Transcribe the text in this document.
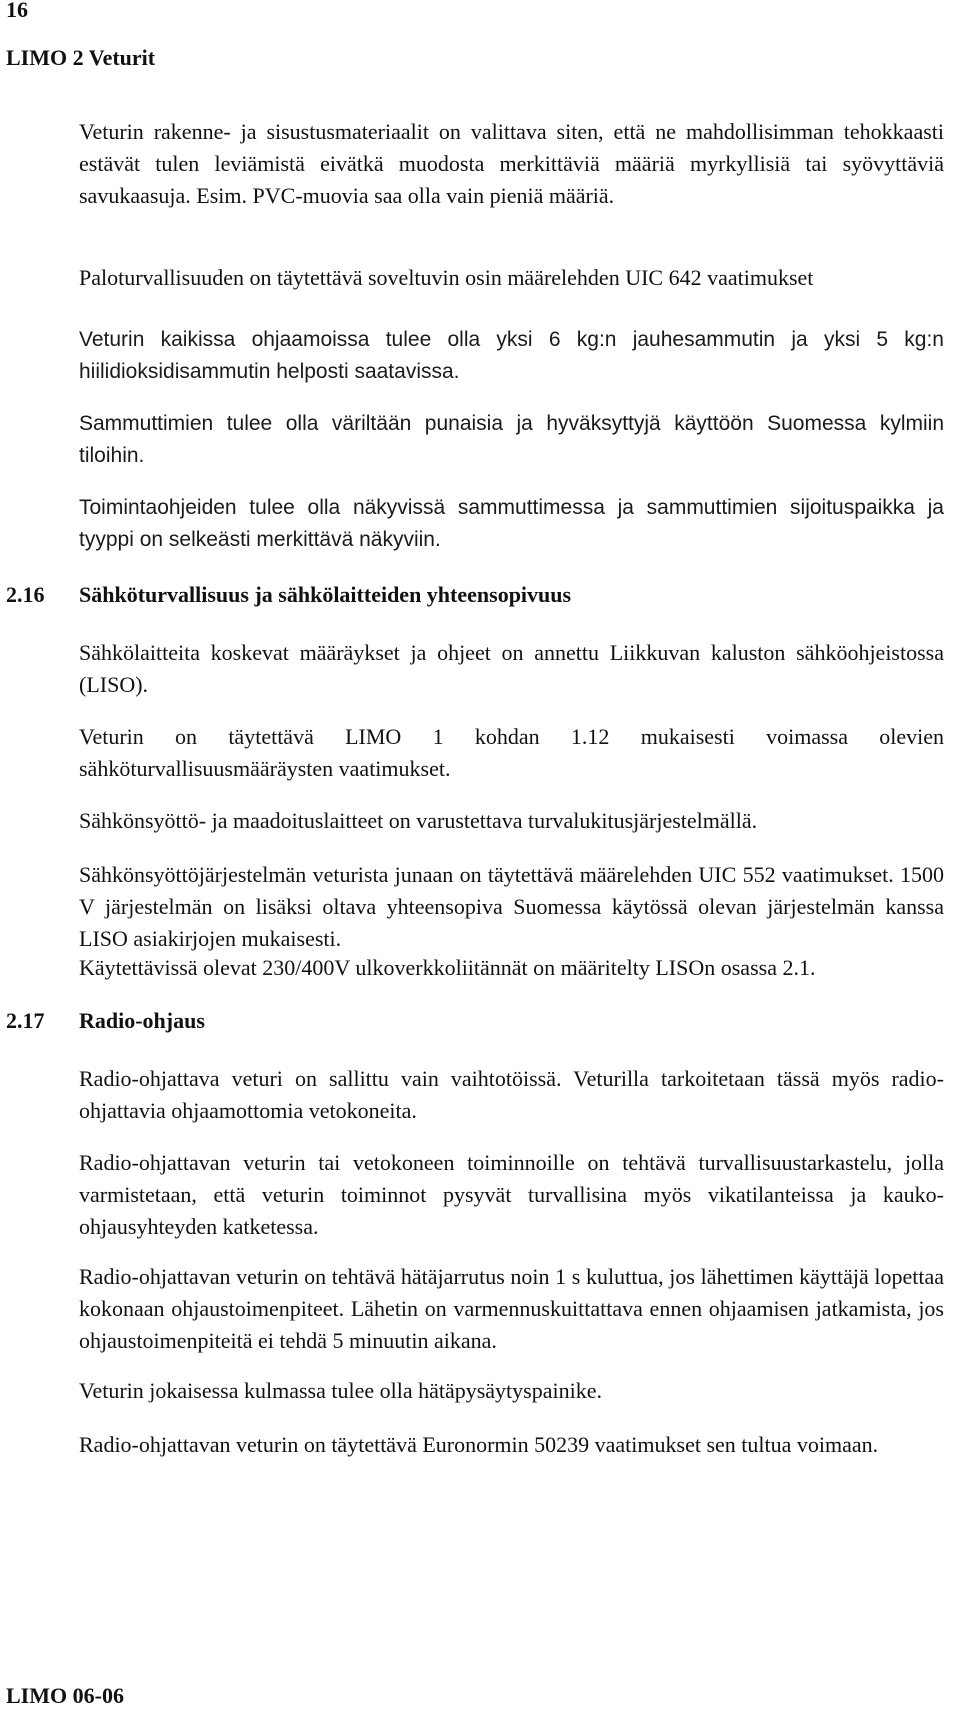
16

LIMO 2 Veturit

Veturin rakenne- ja sisustusmateriaalit on valittava siten, että ne mahdollisimman tehokkaasti estävät tulen leviämistä eivätkä muodosta merkittäviä määriä myrkyllisiä tai syövyttäviä savukaasuja. Esim. PVC-muovia saa olla vain pieniä määriä.

Paloturvallisuuden on täytettävä soveltuvin osin määrelehden UIC 642 vaatimukset

Veturin kaikissa ohjaamoissa tulee olla yksi 6 kg:n jauhesammutin ja yksi 5 kg:n hiilidioksidisammutin helposti saatavissa.

Sammuttimien tulee olla väriltään punaisia ja hyväksyttyjä käyttöön Suomessa kylmiin tiloihin.

Toimintaohjeiden tulee olla näkyvissä sammuttimessa ja sammuttimien sijoituspaikka ja tyyppi on selkeästi merkittävä näkyviin.

2.16	Sähköturvallisuus ja sähkölaitteiden yhteensopivuus

Sähkölaitteita koskevat määräykset ja ohjeet on annettu Liikkuvan kaluston sähköohjeistossa (LISO).

Veturin on täytettävä LIMO 1 kohdan 1.12 mukaisesti voimassa olevien sähköturvallisuusmääräysten vaatimukset.

Sähkönsyöttö- ja maadoituslaitteet on varustettava turvalukitusjärjestelmällä.

Sähkönsyöttöjärjestelmän veturista junaan on täytettävä määrelehden UIC 552 vaatimukset. 1500 V järjestelmän on lisäksi oltava yhteensopiva Suomessa käytössä olevan järjestelmän kanssa LISO asiakirjojen mukaisesti.

Käytettävissä olevat 230/400V ulkoverkkoliitännät on määritelty LISOn osassa 2.1.

2.17	Radio-ohjaus

Radio-ohjattava veturi on sallittu vain vaihtotöissä. Veturilla tarkoitetaan tässä myös radio-ohjattavia ohjaamottomia vetokoneita.

Radio-ohjattavan veturin tai vetokoneen toiminnoille on tehtävä turvallisuustarkastelu, jolla varmistetaan, että veturin toiminnot pysyvät turvallisina myös vikatilanteissa ja kauko-ohjausyhteyden katketessa.

Radio-ohjattavan veturin on tehtävä hätäjarrutus noin 1 s kuluttua, jos lähettimen käyttäjä lopettaa kokonaan ohjaustoimenpiteet. Lähetin on varmennuskuittattava ennen ohjaamisen jatkamista, jos ohjaustoimenpiteitä ei tehdä 5 minuutin aikana.

Veturin jokaisessa kulmassa tulee olla hätäpysäytyspainike.

Radio-ohjattavan veturin on täytettävä Euronormin 50239 vaatimukset sen tultua voimaan.

LIMO 06-06
